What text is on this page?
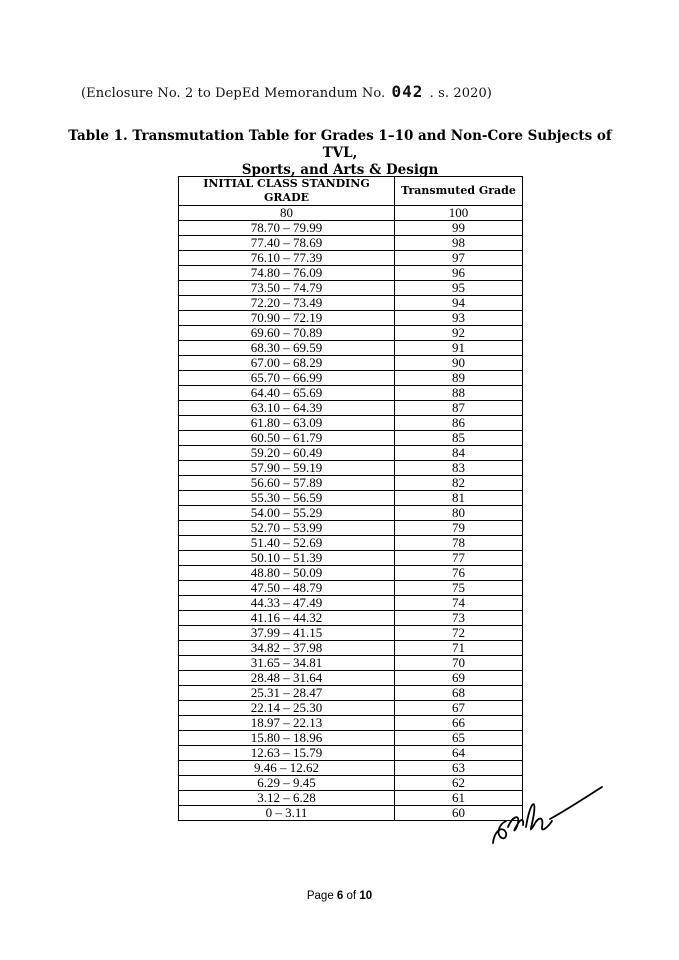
(Enclosure No. 2 to DepEd Memorandum No. 042 . s. 2020)
Table 1. Transmutation Table for Grades 1–10 and Non-Core Subjects of TVL,
Sports, and Arts & Design
INITIAL CLASS STANDING GRADE	Transmuted Grade
80	100
78.70 – 79.99	99
77.40 – 78.69	98
76.10 – 77.39	97
74.80 – 76.09	96
73.50 – 74.79	95
72.20 – 73.49	94
70.90 – 72.19	93
69.60 – 70.89	92
68.30 – 69.59	91
67.00 – 68.29	90
65.70 – 66.99	89
64.40 – 65.69	88
63.10 – 64.39	87
61.80 – 63.09	86
60.50 – 61.79	85
59.20 – 60.49	84
57.90 – 59.19	83
56.60 – 57.89	82
55.30 – 56.59	81
54.00 – 55.29	80
52.70 – 53.99	79
51.40 – 52.69	78
50.10 – 51.39	77
48.80 – 50.09	76
47.50 – 48.79	75
44.33 – 47.49	74
41.16 – 44.32	73
37.99 – 41.15	72
34.82 – 37.98	71
31.65 – 34.81	70
28.48 – 31.64	69
25.31 – 28.47	68
22.14 – 25.30	67
18.97 – 22.13	66
15.80 – 18.96	65
12.63 – 15.79	64
9.46 – 12.62	63
6.29 – 9.45	62
3.12 – 6.28	61
0 – 3.11	60
Page 6 of 10
